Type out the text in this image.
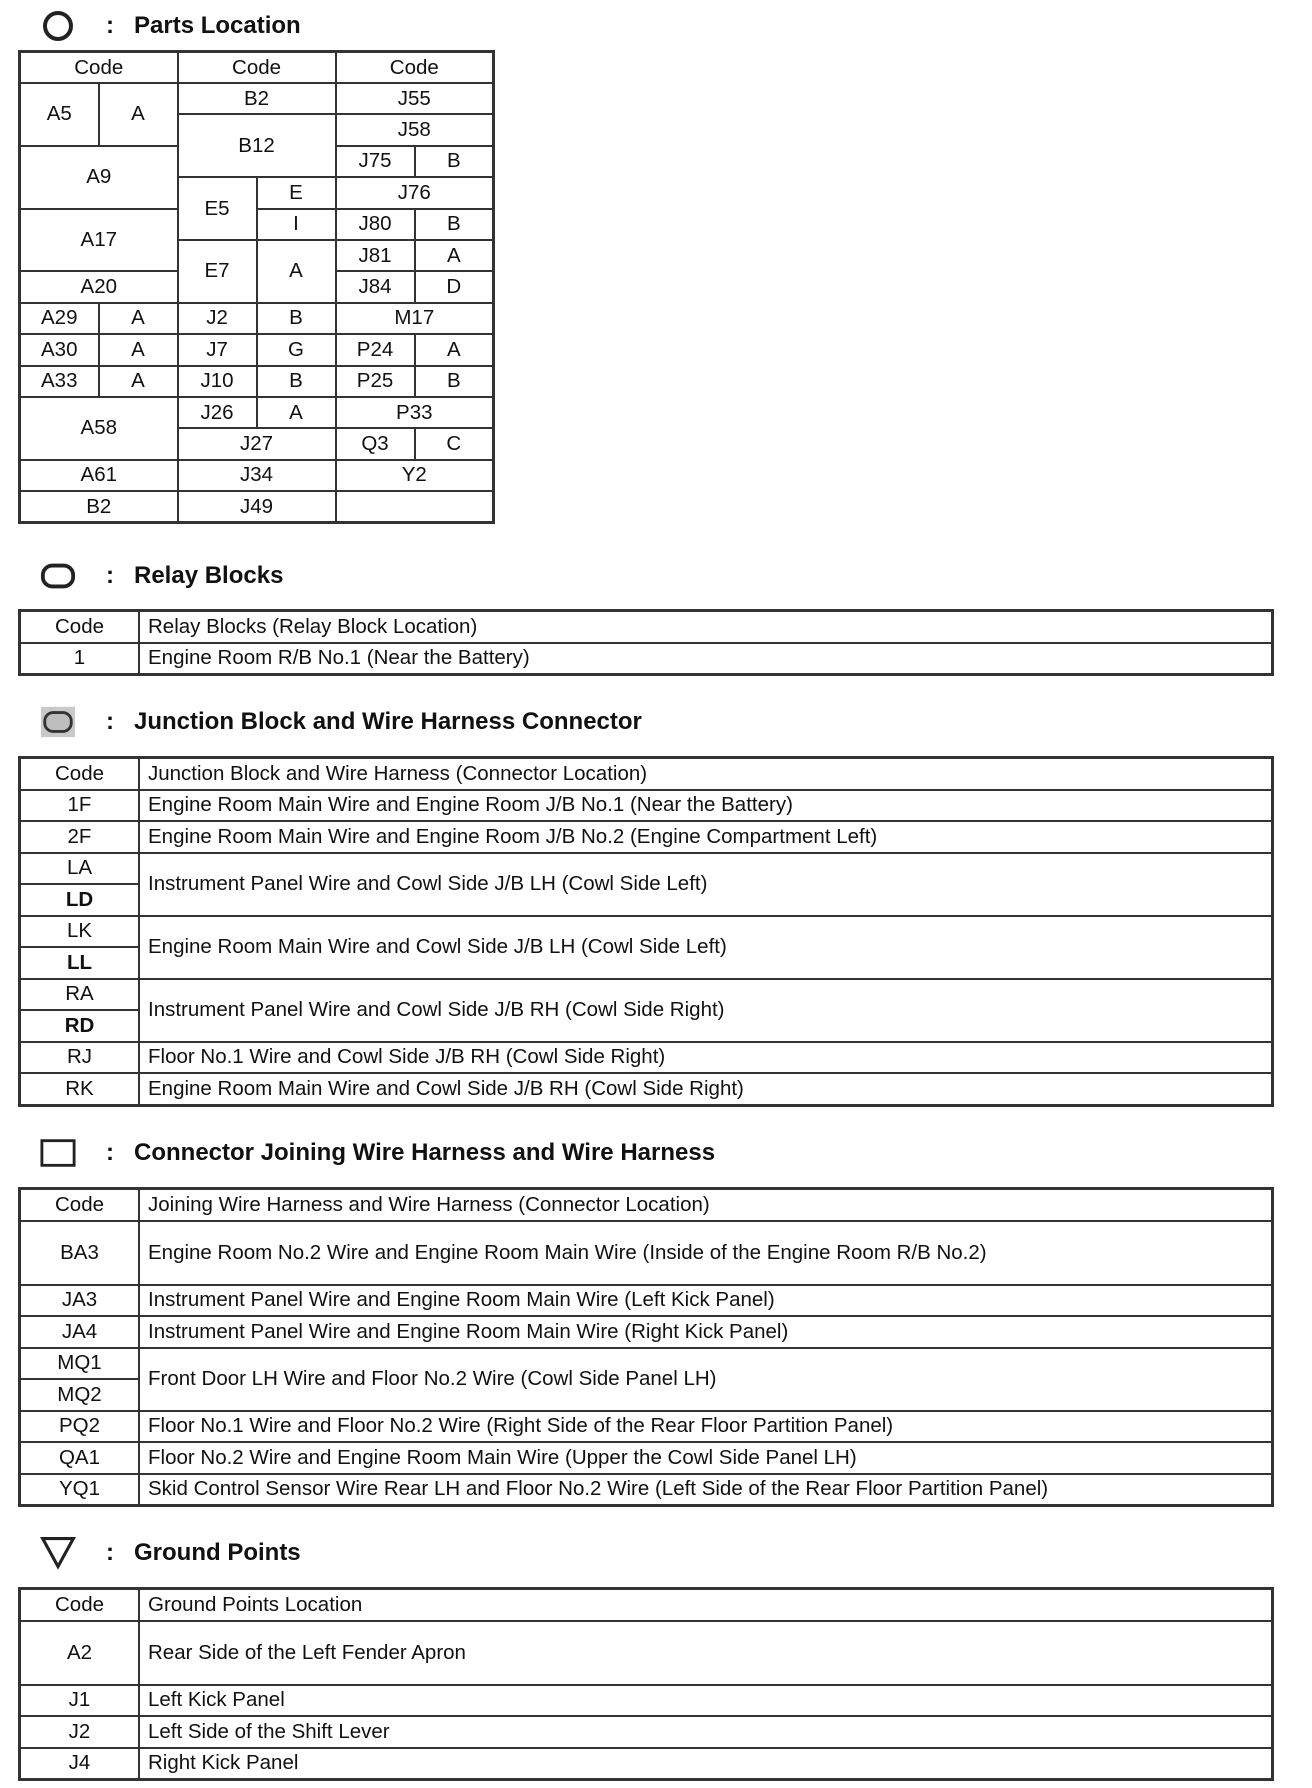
: Parts Location
Code		Code		Code	
A5	A	B2		J55	
		B12		J58	
A9				J75	B
		E5	E	J76	
A17			I	J80	B
		E7	A	J81	A
A20				J84	D
A29	A	J2	B	M17	
A30	A	J7	G	P24	A
A33	A	J10	B	P25	B
A58		J26	A	P33	
		J27		Q3	C
A61		J34		Y2	
B2		J49			
: Relay Blocks
Code	Relay Blocks (Relay Block Location)
1	Engine Room R/B No.1 (Near the Battery)
: Junction Block and Wire Harness Connector
Code	Junction Block and Wire Harness (Connector Location)
1F	Engine Room Main Wire and Engine Room J/B No.1 (Near the Battery)
2F	Engine Room Main Wire and Engine Room J/B No.2 (Engine Compartment Left)
LA	Instrument Panel Wire and Cowl Side J/B LH (Cowl Side Left)
LD	
LK	Engine Room Main Wire and Cowl Side J/B LH (Cowl Side Left)
LL	
RA	Instrument Panel Wire and Cowl Side J/B RH (Cowl Side Right)
RD	
RJ	Floor No.1 Wire and Cowl Side J/B RH (Cowl Side Right)
RK	Engine Room Main Wire and Cowl Side J/B RH (Cowl Side Right)
: Connector Joining Wire Harness and Wire Harness
Code	Joining Wire Harness and Wire Harness (Connector Location)
BA3	Engine Room No.2 Wire and Engine Room Main Wire (Inside of the Engine Room R/B No.2)
JA3	Instrument Panel Wire and Engine Room Main Wire (Left Kick Panel)
JA4	Instrument Panel Wire and Engine Room Main Wire (Right Kick Panel)
MQ1	Front Door LH Wire and Floor No.2 Wire (Cowl Side Panel LH)
MQ2	
PQ2	Floor No.1 Wire and Floor No.2 Wire (Right Side of the Rear Floor Partition Panel)
QA1	Floor No.2 Wire and Engine Room Main Wire (Upper the Cowl Side Panel LH)
YQ1	Skid Control Sensor Wire Rear LH and Floor No.2 Wire (Left Side of the Rear Floor Partition Panel)
: Ground Points
Code	Ground Points Location
A2	Rear Side of the Left Fender Apron
J1	Left Kick Panel
J2	Left Side of the Shift Lever
J4	Right Kick Panel
